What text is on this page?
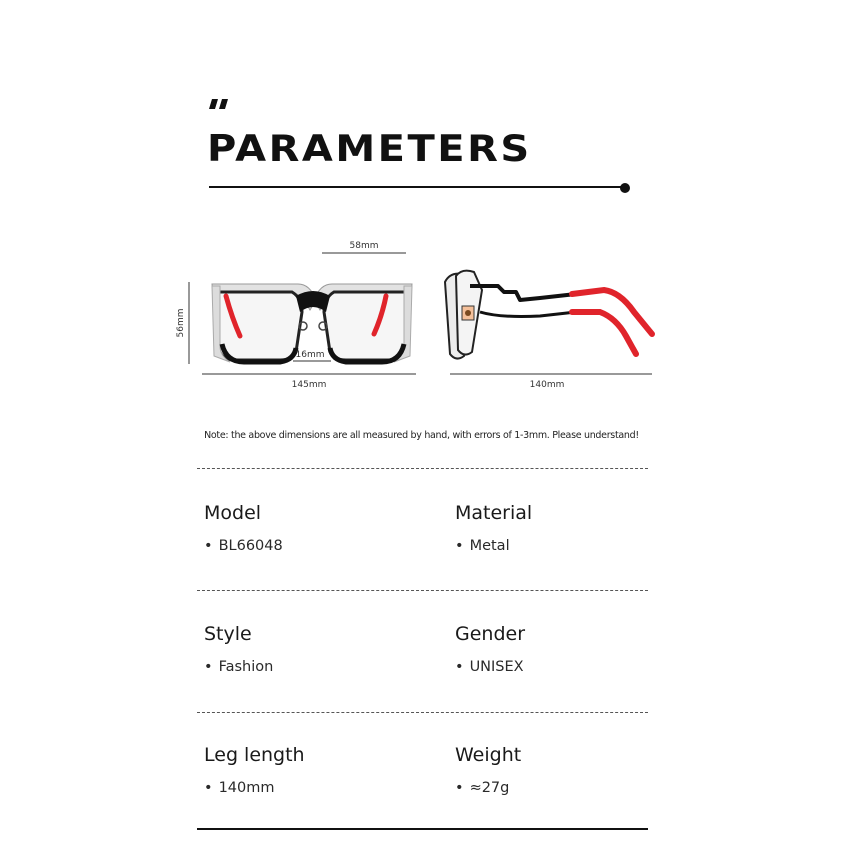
PARAMETERS
58mm
56mm
16mm
145mm	140mm

Note: the above dimensions are all measured by hand, with errors of 1-3mm. Please understand!

Model

• BL66048

Material

• Metal

Style

• Fashion

Gender

• UNISEX

Leg length

• 140mm

Weight

• ≈27g
